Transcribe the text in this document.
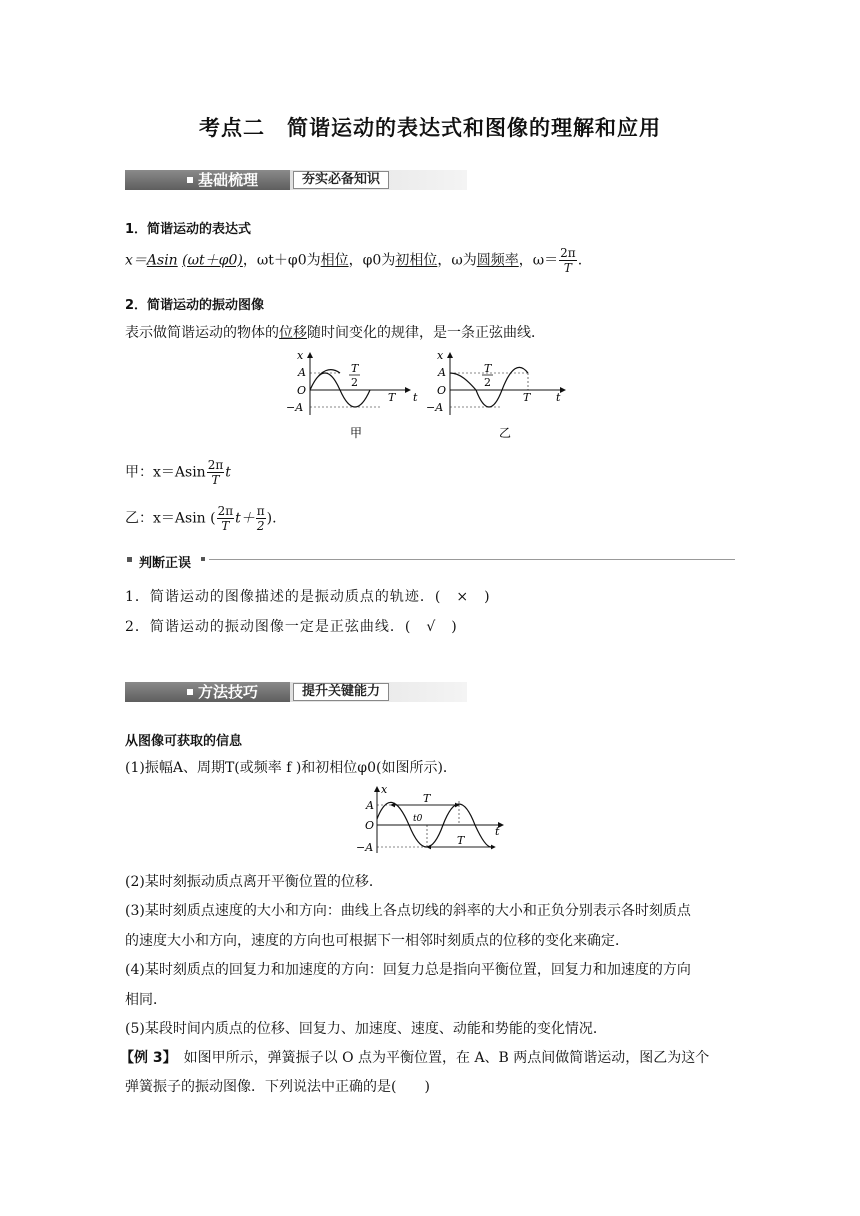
考点二　简谐运动的表达式和图像的理解和应用
基础梳理	夯实必备知识
1．简谐运动的表达式
x＝Asin (ωt＋φ0)，ωt＋φ0为相位，φ0为初相位，ω为圆频率，$\omega= \frac{2\pi}{T}$ .
2．简谐运动的振动图像
表示做简谐运动的物体的位移随时间变化的规律，是一条正弦曲线．
x
A
O
−A
T
2
T t
甲
x
A
O
−A
T
2
T t
乙
甲：$x=Asin \frac{2\pi}{T}$ t
乙：x＝Asin ( $\frac{2\pi}{T} t+ \frac{\pi}{2}$ ).
判断正误
1．简谐运动的图像描述的是振动质点的轨迹．(　×　)
2．简谐运动的振动图像一定是正弦曲线．(　√　)
方法技巧	提升关键能力
从图像可获取的信息
(1)振幅A、周期T(或频率 f )和初相位φ0(如图所示)．
x
A
O
−A
T
T
t0
t
(2)某时刻振动质点离开平衡位置的位移．
(3)某时刻质点速度的大小和方向：曲线上各点切线的斜率的大小和正负分别表示各时刻质点
的速度大小和方向，速度的方向也可根据下一相邻时刻质点的位移的变化来确定．
(4)某时刻质点的回复力和加速度的方向：回复力总是指向平衡位置，回复力和加速度的方向
相同．
(5)某段时间内质点的位移、回复力、加速度、速度、动能和势能的变化情况．
【例 3】　如图甲所示，弹簧振子以 O 点为平衡位置，在 A、B 两点间做简谐运动，图乙为这个
弹簧振子的振动图像．下列说法中正确的是(　　)
